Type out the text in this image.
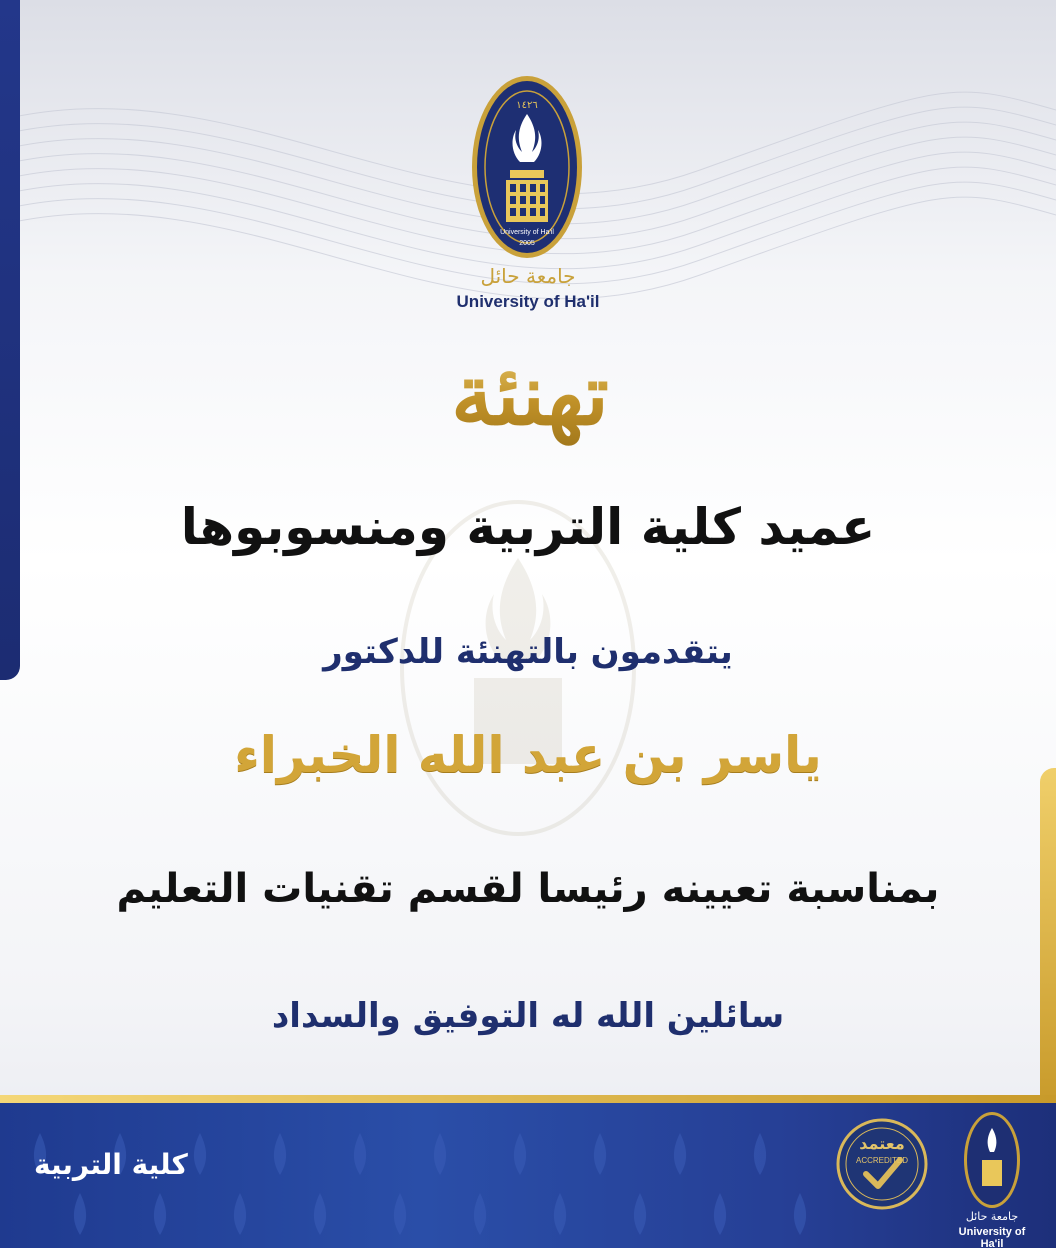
١٤٢٦
University of Ha'il
2005
جامعة حائل
University of Ha'il
تهنئة
عميد كلية التربية ومنسوبوها
يتقدمون بالتهنئة للدكتور
ياسر بن عبد الله الخبراء
بمناسبة تعيينه رئيسا لقسم تقنيات التعليم
سائلين الله له التوفيق والسداد
كلية التربية
معتمد
ACCREDITED
جامعة حائل
University of Ha'il
